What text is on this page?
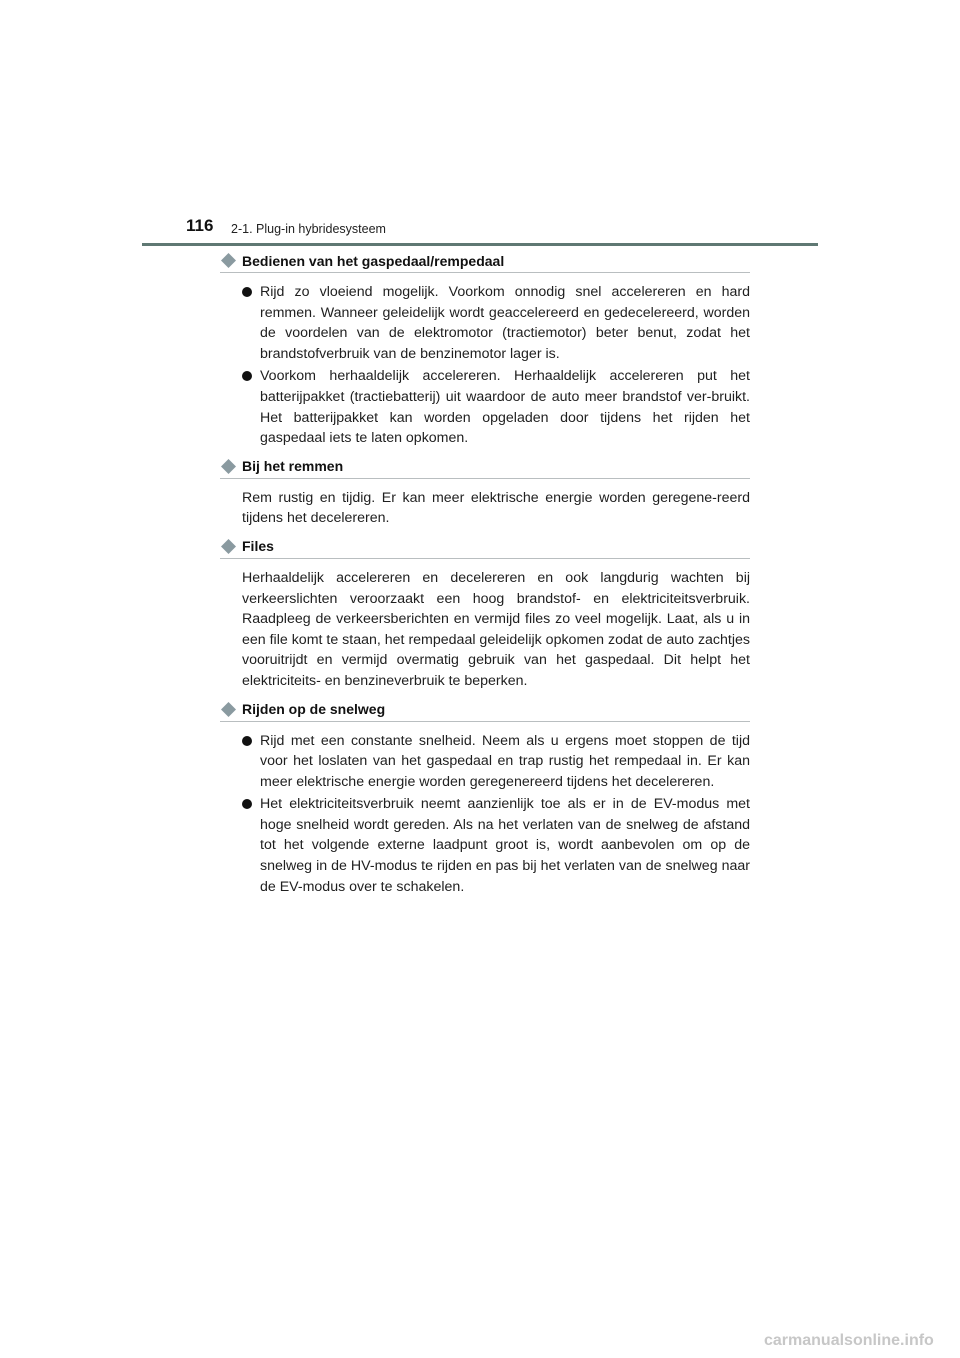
116 2-1. Plug-in hybridesysteem
Bedienen van het gaspedaal/rempedaal
Rijd zo vloeiend mogelijk. Voorkom onnodig snel accelereren en hard remmen. Wanneer geleidelijk wordt geaccelereerd en gedecelereerd, worden de voordelen van de elektromotor (tractiemotor) beter benut, zodat het brandstofverbruik van de benzinemotor lager is.
Voorkom herhaaldelijk accelereren. Herhaaldelijk accelereren put het batterijpakket (tractiebatterij) uit waardoor de auto meer brandstof ver-bruikt. Het batterijpakket kan worden opgeladen door tijdens het rijden het gaspedaal iets te laten opkomen.
Bij het remmen
Rem rustig en tijdig. Er kan meer elektrische energie worden geregene-reerd tijdens het decelereren.
Files
Herhaaldelijk accelereren en decelereren en ook langdurig wachten bij verkeerslichten veroorzaakt een hoog brandstof- en elektriciteitsverbruik. Raadpleeg de verkeersberichten en vermijd files zo veel mogelijk. Laat, als u in een file komt te staan, het rempedaal geleidelijk opkomen zodat de auto zachtjes vooruitrijdt en vermijd overmatig gebruik van het gaspedaal. Dit helpt het elektriciteits- en benzineverbruik te beperken.
Rijden op de snelweg
Rijd met een constante snelheid. Neem als u ergens moet stoppen de tijd voor het loslaten van het gaspedaal en trap rustig het rempedaal in. Er kan meer elektrische energie worden geregenereerd tijdens het decelereren.
Het elektriciteitsverbruik neemt aanzienlijk toe als er in de EV-modus met hoge snelheid wordt gereden. Als na het verlaten van de snelweg de afstand tot het volgende externe laadpunt groot is, wordt aanbevolen om op de snelweg in de HV-modus te rijden en pas bij het verlaten van de snelweg naar de EV-modus over te schakelen.
carmanualsonline.info
